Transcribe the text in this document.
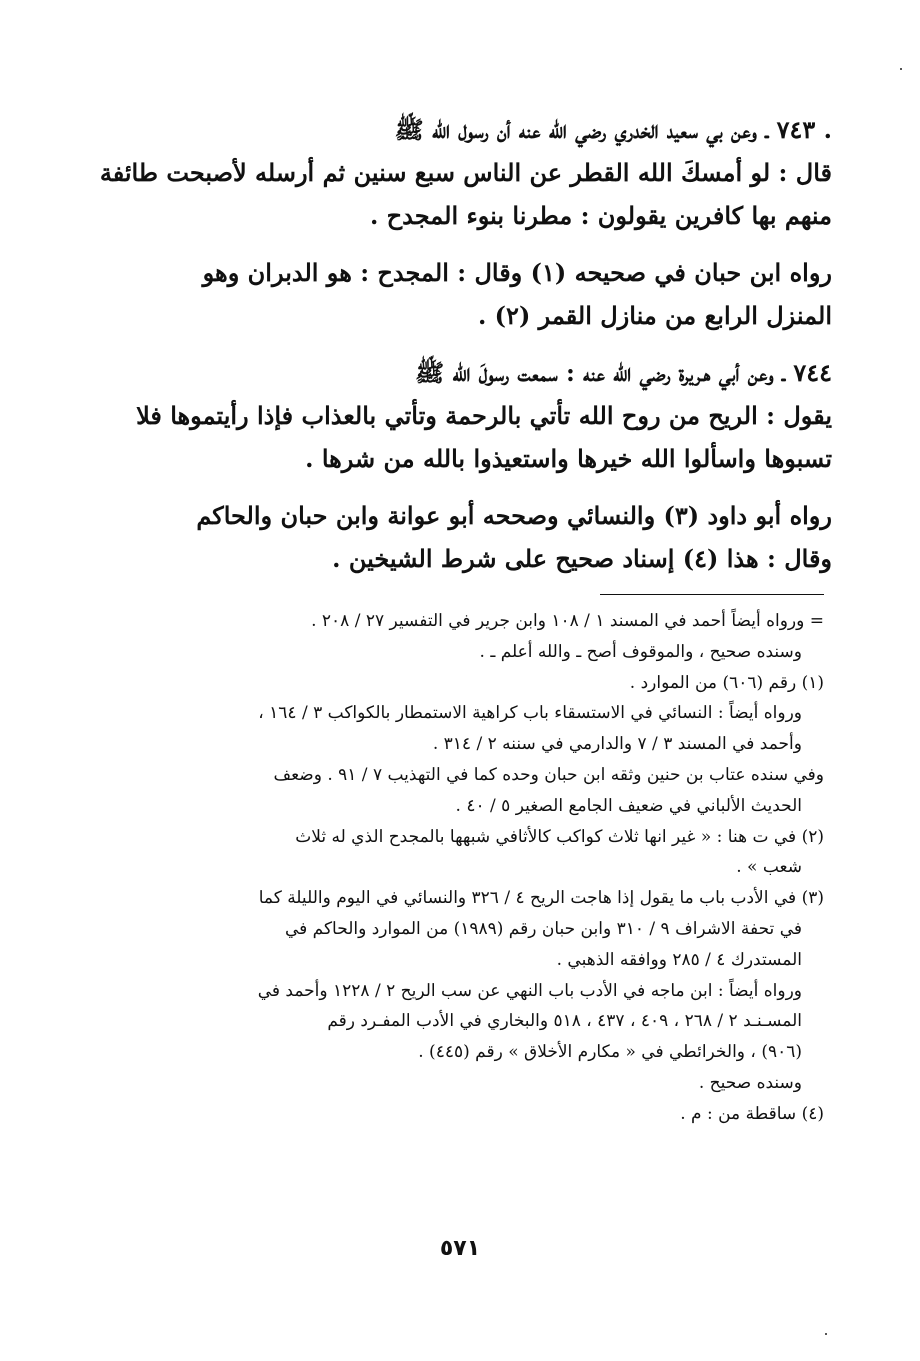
. ٧٤٣ ـ وعن بي سعيد الخدري رضي الله عنه أن رسول الله ﷺ

قال : لو أمسكَ الله القطر عن الناس سبع سنين ثم أرسله لأصبحت طائفة

منهم بها كافرين يقولون : مطرنا بنوء المجدح .

رواه ابن حبان في صحيحه (١) وقال : المجدح : هو الدبران وهو

المنزل الرابع من منازل القمر (٢) .

٧٤٤ ـ وعن أبي هـريرة رضي الله عنه : سمعت رسولَ الله ﷺ

يقول : الريح من روح الله تأتي بالرحمة وتأتي بالعذاب فإذا رأيتموها فلا

تسبوها واسألوا الله خيرها واستعيذوا بالله من شرها .

رواه أبو داود (٣) والنسائي وصححه أبو عوانة وابن حبان والحاكم

وقال : هذا (٤) إسناد صحيح على شرط الشيخين .

= ورواه أيضاً أحمد في المسند ١ / ١٠٨ وابن جرير في التفسير ٢٧ / ٢٠٨ .

وسنده صحيح ، والموقوف أصح ـ والله أعلم ـ .

(١) رقم (٦٠٦) من الموارد .

ورواه أيضاً : النسائي في الاستسقاء باب كراهية الاستمطار بالكواكب ٣ / ١٦٤ ،

وأحمد في المسند ٣ / ٧ والدارمي في سننه ٢ / ٣١٤ .

وفي سنده عتاب بن حنين وثقه ابن حبان وحده كما في التهذيب ٧ / ٩١ . وضعف

الحديث الألباني في ضعيف الجامع الصغير ٥ / ٤٠ .

(٢) في ت هنا : « غير انها ثلاث كواكب كالأثافي شبهها بالمجدح الذي له ثلاث

شعب » .

(٣) في الأدب باب ما يقول إذا هاجت الريح ٤ / ٣٢٦ والنسائي في اليوم والليلة كما

في تحفة الاشراف ٩ / ٣١٠ وابن حبان رقم (١٩٨٩) من الموارد والحاكم في

المستدرك ٤ / ٢٨٥ ووافقه الذهبي .

ورواه أيضاً : ابن ماجه في الأدب باب النهي عن سب الريح ٢ / ١٢٢٨ وأحمد في

المسـنـد ٢ / ٢٦٨ ، ٤٠٩ ، ٤٣٧ ، ٥١٨ والبخاري في الأدب المفـرد رقم

(٩٠٦) ، والخرائطي في « مكارم الأخلاق » رقم (٤٤٥) .

وسنده صحيح .

(٤) ساقطة من : م .

٥٧١
